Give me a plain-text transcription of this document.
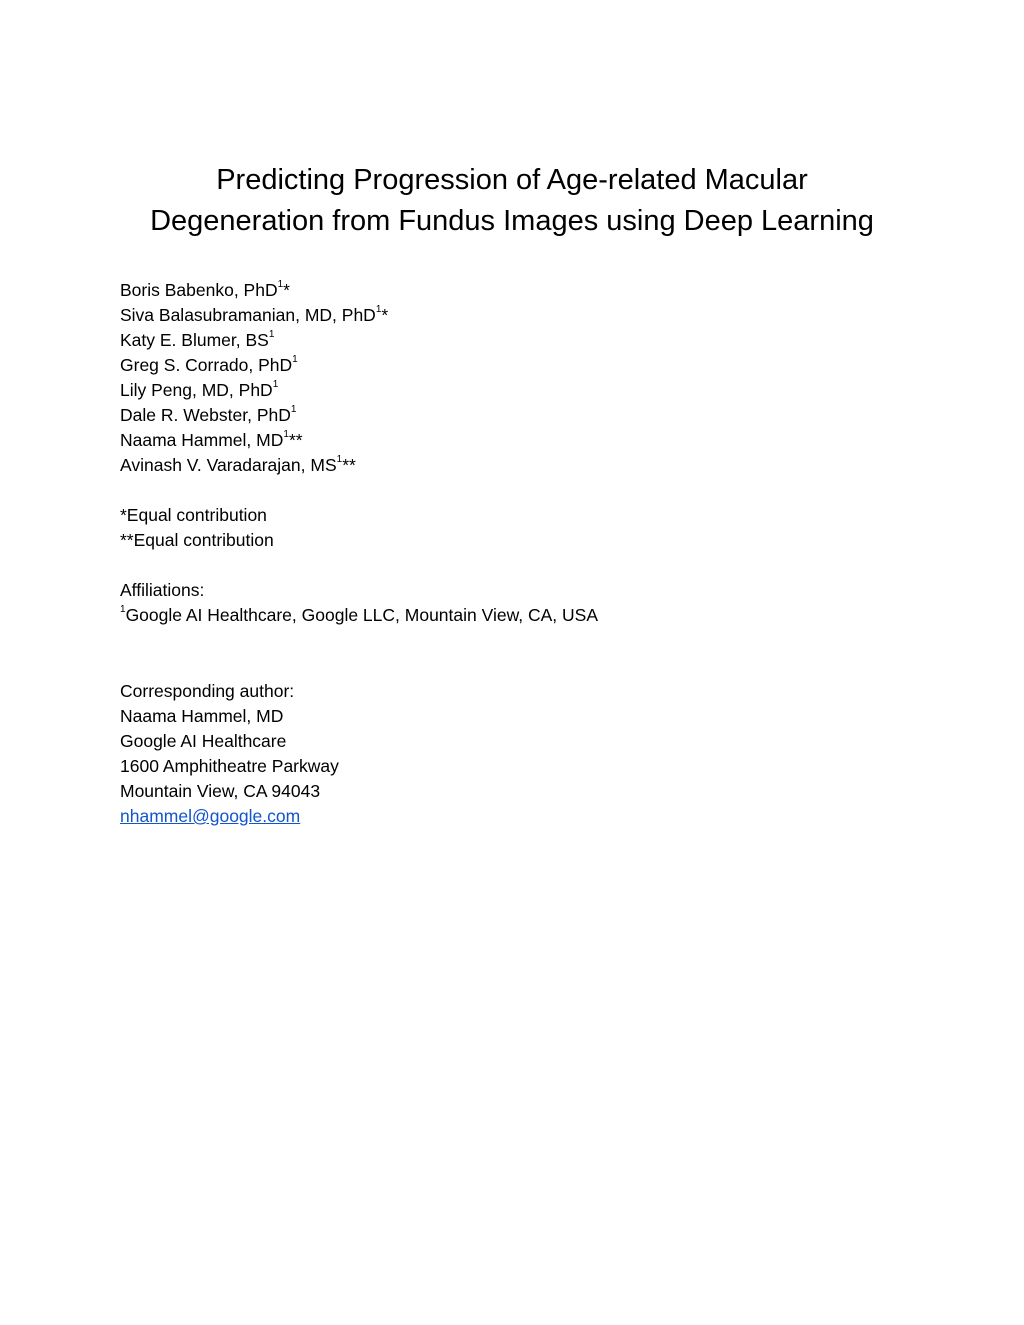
Predicting Progression of Age-related Macular
Degeneration from Fundus Images using Deep Learning
Boris Babenko, PhD$^1$*
Siva Balasubramanian, MD, PhD$^1$*
Katy E. Blumer, $BS^1$
Greg S. Corrado, PhD$^1$
Lily Peng, MD, PhD$^1$
Dale R. Webster, PhD$^1$
Naama Hammel, $MD^1**$
Avinash V. Varadarajan, $MS^1**$
*Equal contribution
**Equal contribution
Affiliations:
$^1$Google AI Healthcare, Google LLC, Mountain View, CA, USA
Corresponding author:
Naama Hammel, MD
Google AI Healthcare
1600 Amphitheatre Parkway
Mountain View, CA 94043
nhammel@google.com
